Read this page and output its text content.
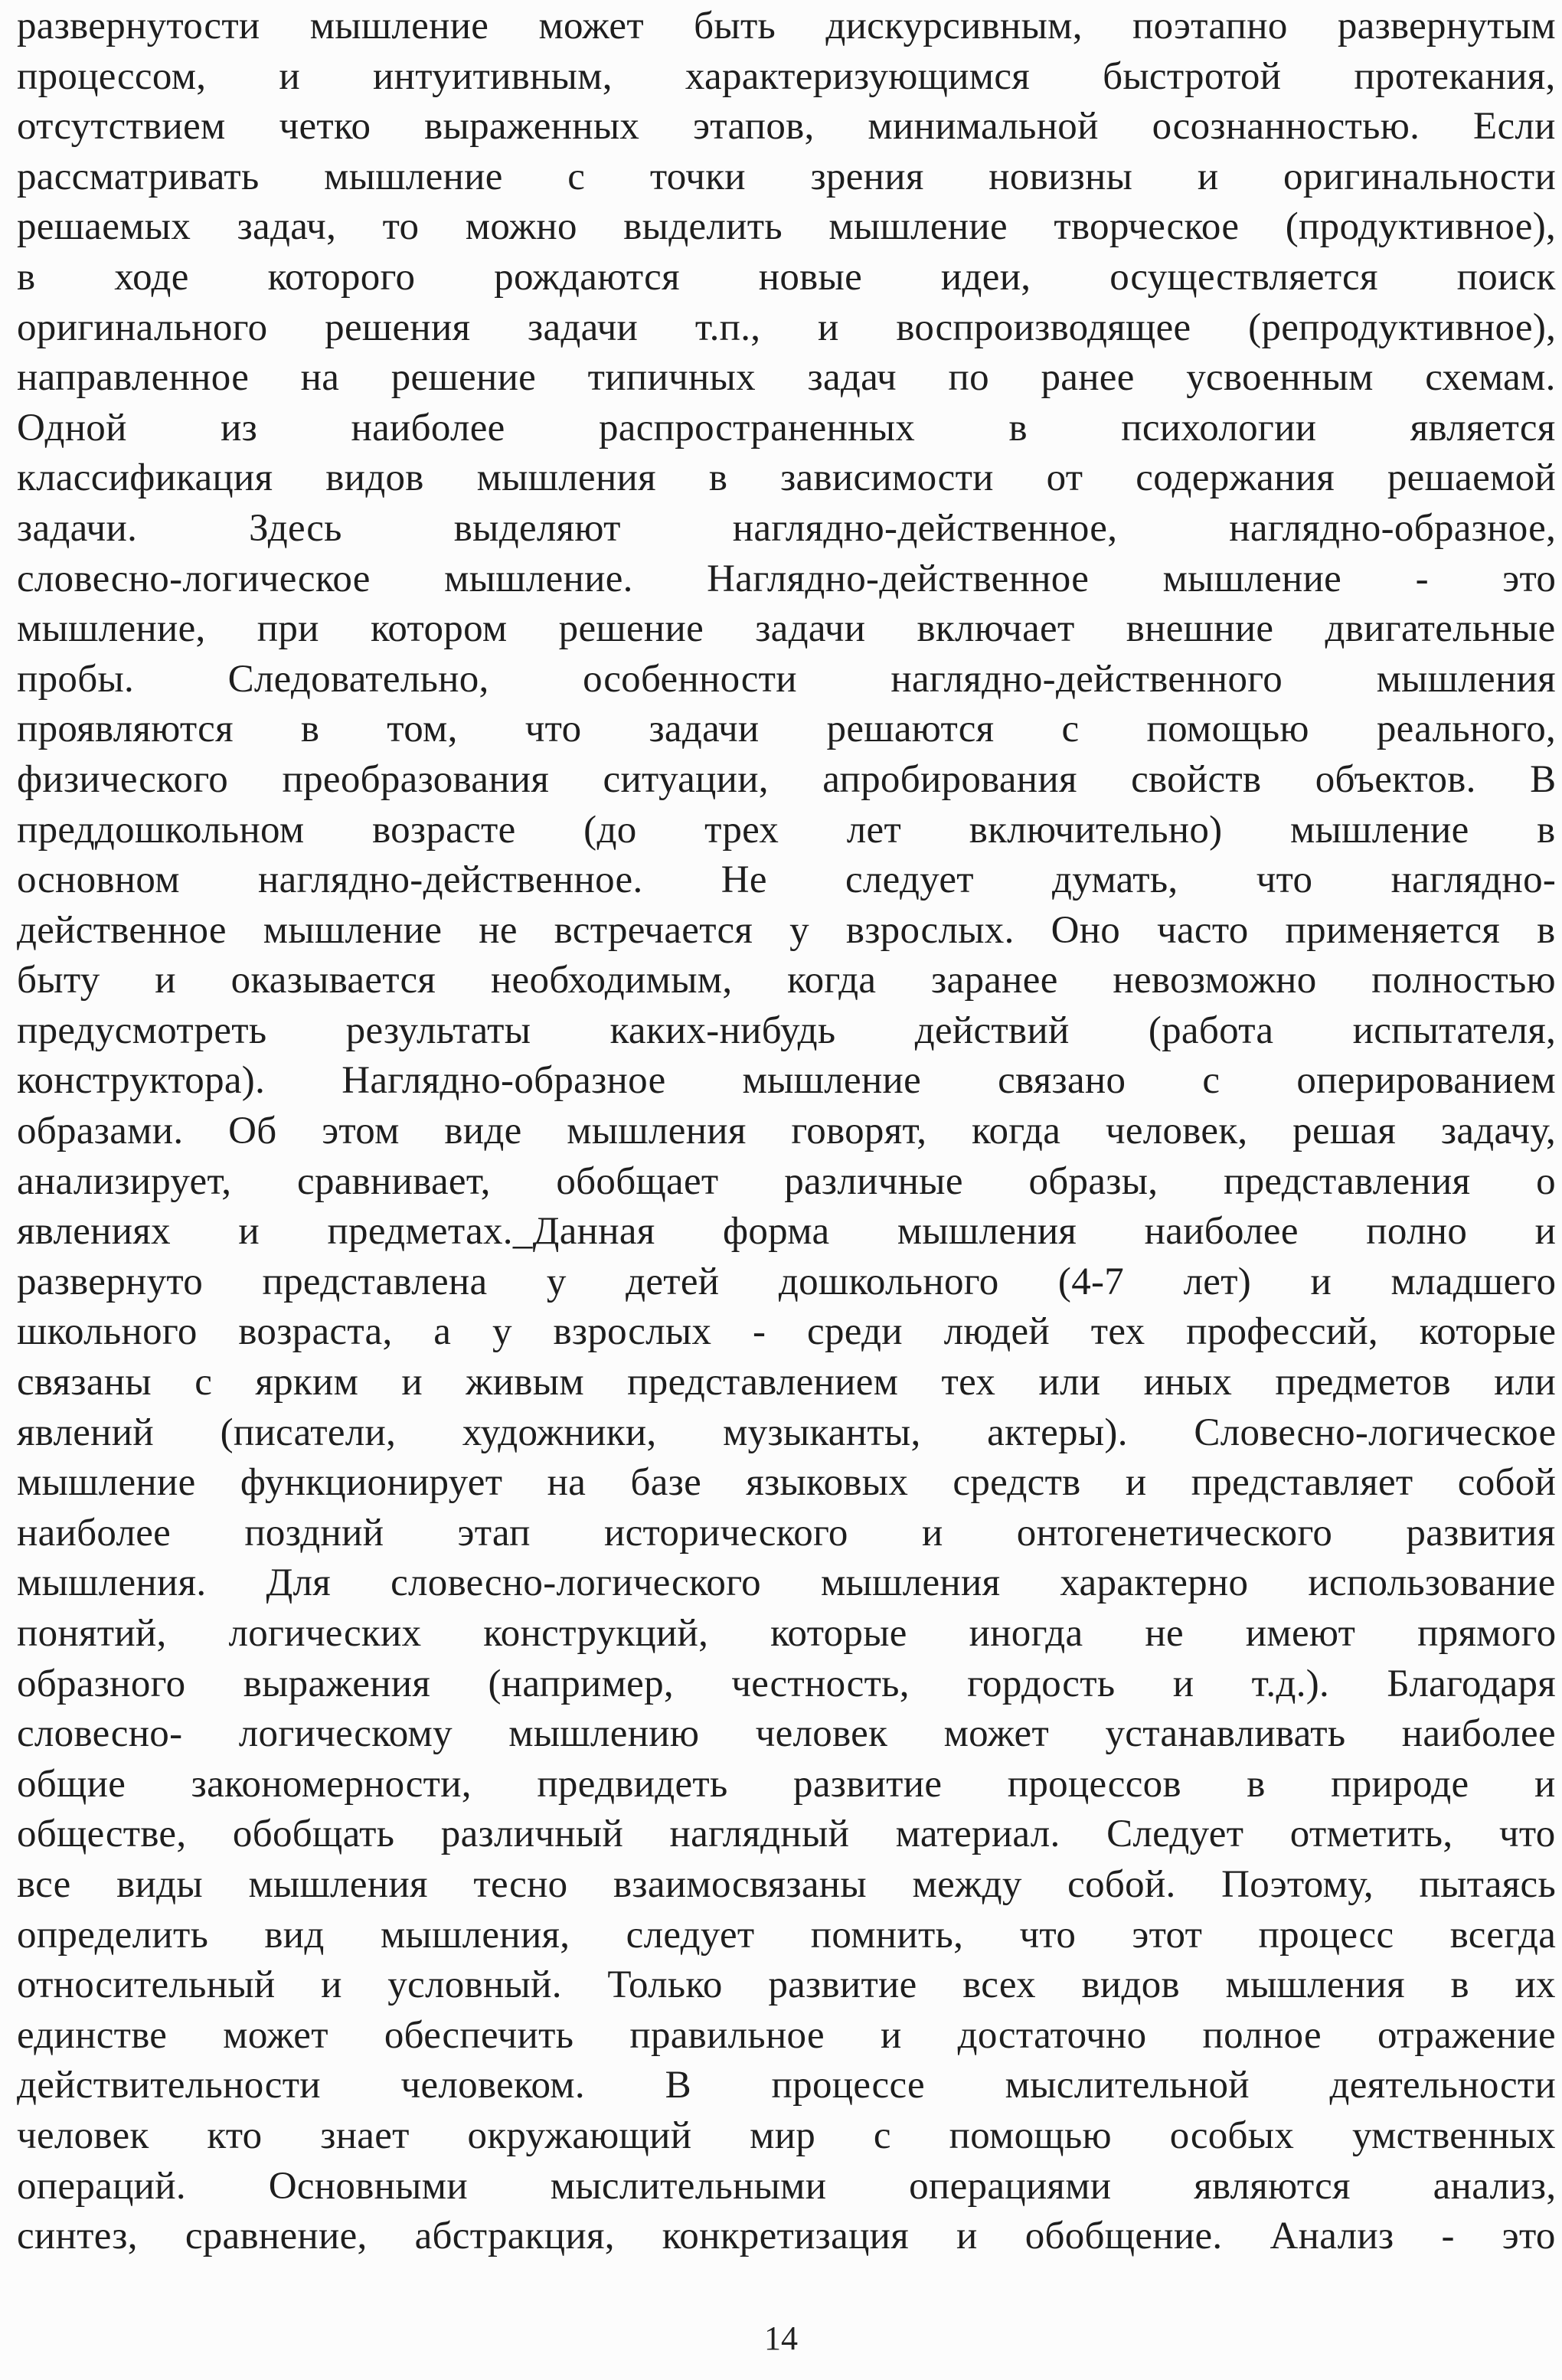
развернутости мышление может быть дискурсивным, поэтапно развернутым
процессом, и интуитивным, характеризующимся быстротой протекания,
отсутствием четко выраженных этапов, минимальной осознанностью. Если
рассматривать мышление с точки зрения новизны и оригинальности
решаемых задач, то можно выделить мышление творческое (продуктивное),
в ходе которого рождаются новые идеи, осуществляется поиск
оригинального решения задачи т.п., и воспроизводящее (репродуктивное),
направленное на решение типичных задач по ранее усвоенным схемам.
Одной из наиболее распространенных в психологии является
классификация видов мышления в зависимости от содержания решаемой
задачи. Здесь выделяют наглядно-действенное, наглядно-образное,
словесно-логическое мышление. Наглядно-действенное мышление - это
мышление, при котором решение задачи включает внешние двигательные
пробы. Следовательно, особенности наглядно-действенного мышления
проявляются в том, что задачи решаются с помощью реального,
физического преобразования ситуации, апробирования свойств объектов. В
преддошкольном возрасте (до трех лет включительно) мышление в
основном наглядно-действенное. Не следует думать, что наглядно-
действенное мышление не встречается у взрослых. Оно часто применяется в
быту и оказывается необходимым, когда заранее невозможно полностью
предусмотреть результаты каких-нибудь действий (работа испытателя,
конструктора). Наглядно-образное мышление связано с оперированием
образами. Об этом виде мышления говорят, когда человек, решая задачу,
анализирует, сравнивает, обобщает различные образы, представления о
явлениях и предметах._Данная форма мышления наиболее полно и
развернуто представлена у детей дошкольного (4-7 лет) и младшего
школьного возраста, а у взрослых - среди людей тех профессий, которые
связаны с ярким и живым представлением тех или иных предметов или
явлений (писатели, художники, музыканты, актеры). Словесно-логическое
мышление функционирует на базе языковых средств и представляет собой
наиболее поздний этап исторического и онтогенетического развития
мышления. Для словесно-логического мышления характерно использование
понятий, логических конструкций, которые иногда не имеют прямого
образного выражения (например, честность, гордость и т.д.). Благодаря
словесно- логическому мышлению человек может устанавливать наиболее
общие закономерности, предвидеть развитие процессов в природе и
обществе, обобщать различный наглядный материал. Следует отметить, что
все виды мышления тесно взаимосвязаны между собой. Поэтому, пытаясь
определить вид мышления, следует помнить, что этот процесс всегда
относительный и условный. Только развитие всех видов мышления в их
единстве может обеспечить правильное и достаточно полное отражение
действительности человеком. В процессе мыслительной деятельности
человек кто знает окружающий мир с помощью особых умственных
операций. Основными мыслительными операциями являются анализ,
синтез, сравнение, абстракция, конкретизация и обобщение. Анализ - это
14
